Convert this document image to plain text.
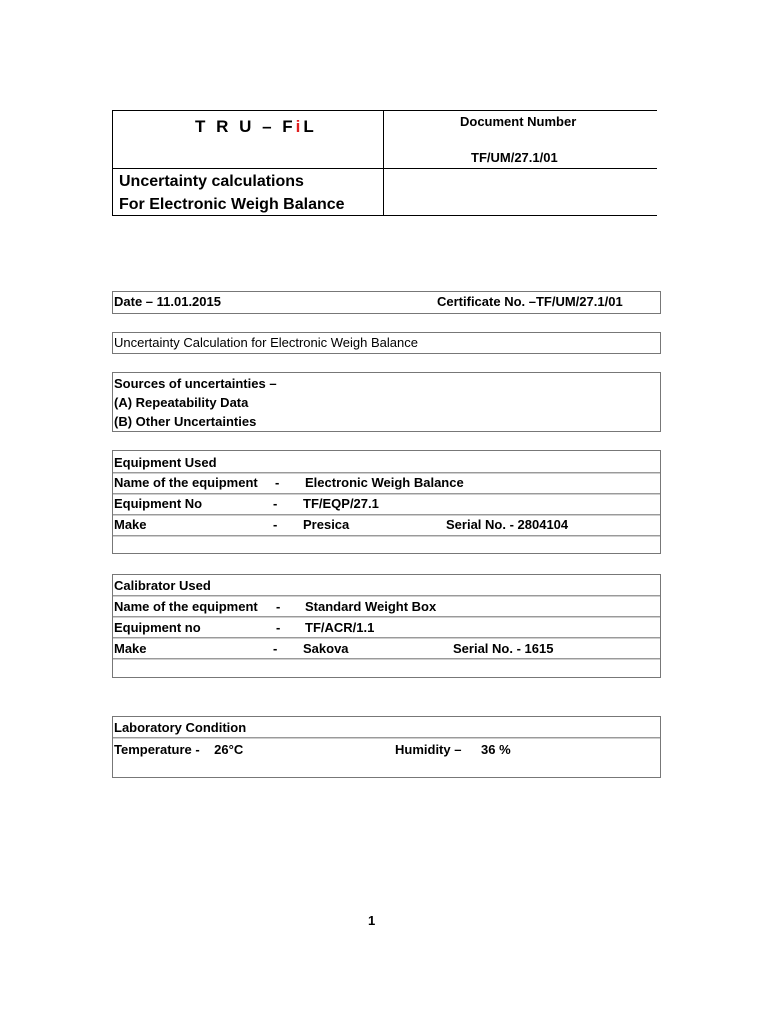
T R U – FiL	Document Number
TF/UM/27.1/01
Uncertainty calculations
For Electronic Weigh Balance
Date – 11.01.2015	Certificate No. –TF/UM/27.1/01
Uncertainty Calculation for Electronic Weigh Balance
Sources of uncertainties –
(A) Repeatability Data
(B) Other Uncertainties
Equipment Used
Name of the equipment - Electronic Weigh Balance
Equipment No	- TF/EQP/27.1
Make	- Presica	Serial No. - 2804104
Calibrator Used
Name of the equipment - Standard Weight Box
Equipment no	- TF/ACR/1.1
Make	- Sakova	Serial No. - 1615
Laboratory Condition
Temperature -    26°C	Humidity – 36 %
1
